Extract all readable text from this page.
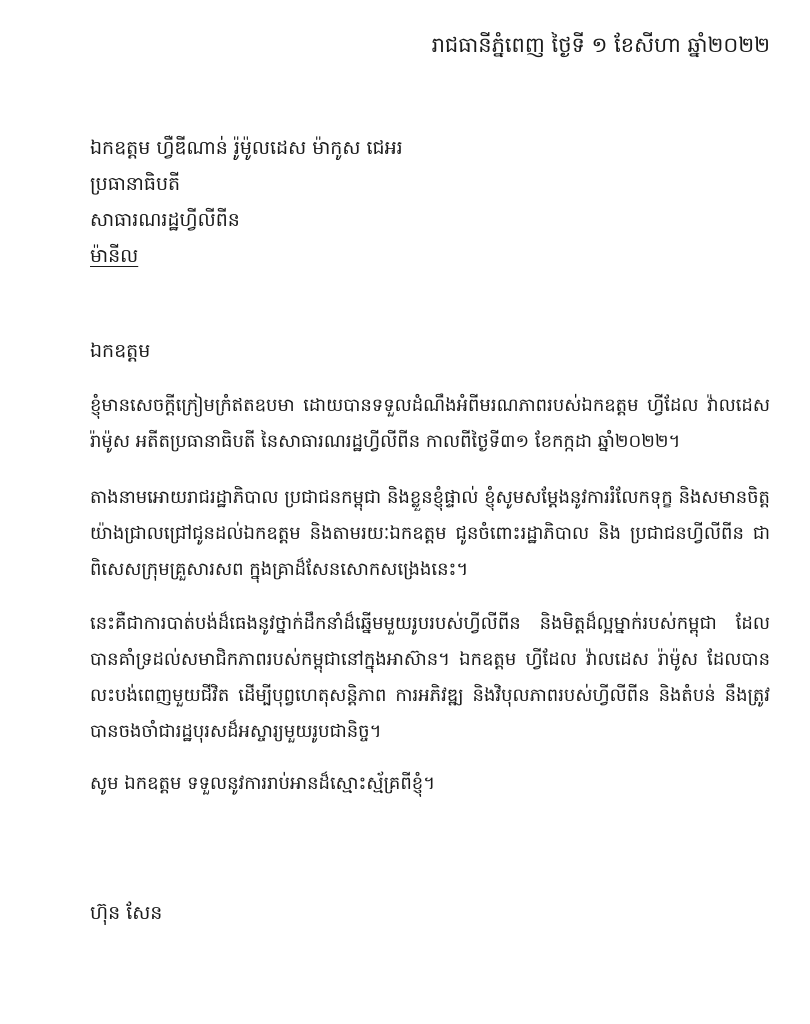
រាជធានីភ្នំពេញ ថ្ងៃទី ១ ខែសីហា ឆ្នាំ២០២២
ឯកឧត្តម ហ្វឺឌីណាន់ រ៉ូម៉ូលដេស ម៉ាកូស ជេអរ
ប្រធានាធិបតី
សាធារណរដ្ឋហ្វីលីពីន
ម៉ានីល
ឯកឧត្តម

ខ្ញុំមានសេចក្តីក្រៀមក្រំឥតឧបមា ដោយបានទទួលដំណឹងអំពីមរណភាពរបស់ឯកឧត្តម ហ្វីដែល វ៉ាលដេស រ៉ាម៉ូស អតីតប្រធានាធិបតី នៃសាធារណរដ្ឋហ្វីលីពីន កាលពីថ្ងៃទី៣១ ខែកក្កដា ឆ្នាំ២០២២។

តាងនាមអោយរាជរដ្ឋាភិបាល ប្រជាជនកម្ពុជា និងខ្លួនខ្ញុំផ្ទាល់ ខ្ញុំសូមសម្តែងនូវការរំលែកទុក្ខ និងសមានចិត្តយ៉ាងជ្រាលជ្រៅជូនដល់ឯកឧត្តម និងតាមរយៈឯកឧត្តម ជូនចំពោះរដ្ឋាភិបាល និង ប្រជាជនហ្វីលីពីន ជាពិសេសក្រុមគ្រួសារសព ក្នុងគ្រាដ៏សែនសោកសង្រេងនេះ។

នេះគឺជាការបាត់បង់ដ៏ធេងនូវថ្នាក់ដឹកនាំដ៏ឆ្នើមមួយរូបរបស់ហ្វីលីពីន និងមិត្តដ៏ល្អម្នាក់របស់កម្ពុជា ដែលបានគាំទ្រដល់សមាជិកភាពរបស់កម្ពុជានៅក្នុងអាស៊ាន។ ឯកឧត្តម ហ្វីដែល វ៉ាលដេស រ៉ាម៉ូស ដែលបានលះបង់ពេញមួយជីវិត ដើម្បីបុព្វហេតុសន្តិភាព ការអភិវឌ្ឍ និងវិបុលភាពរបស់ហ្វីលីពីន និងតំបន់ នឹងត្រូវបានចងចាំជារដ្ឋបុរសដ៏អស្ចារ្យមួយរូបជានិច្ច។

សូម ឯកឧត្តម ទទួលនូវការរាប់អានដ៏ស្មោះស្ម័គ្រពីខ្ញុំ។

ហ៊ុន សែន
